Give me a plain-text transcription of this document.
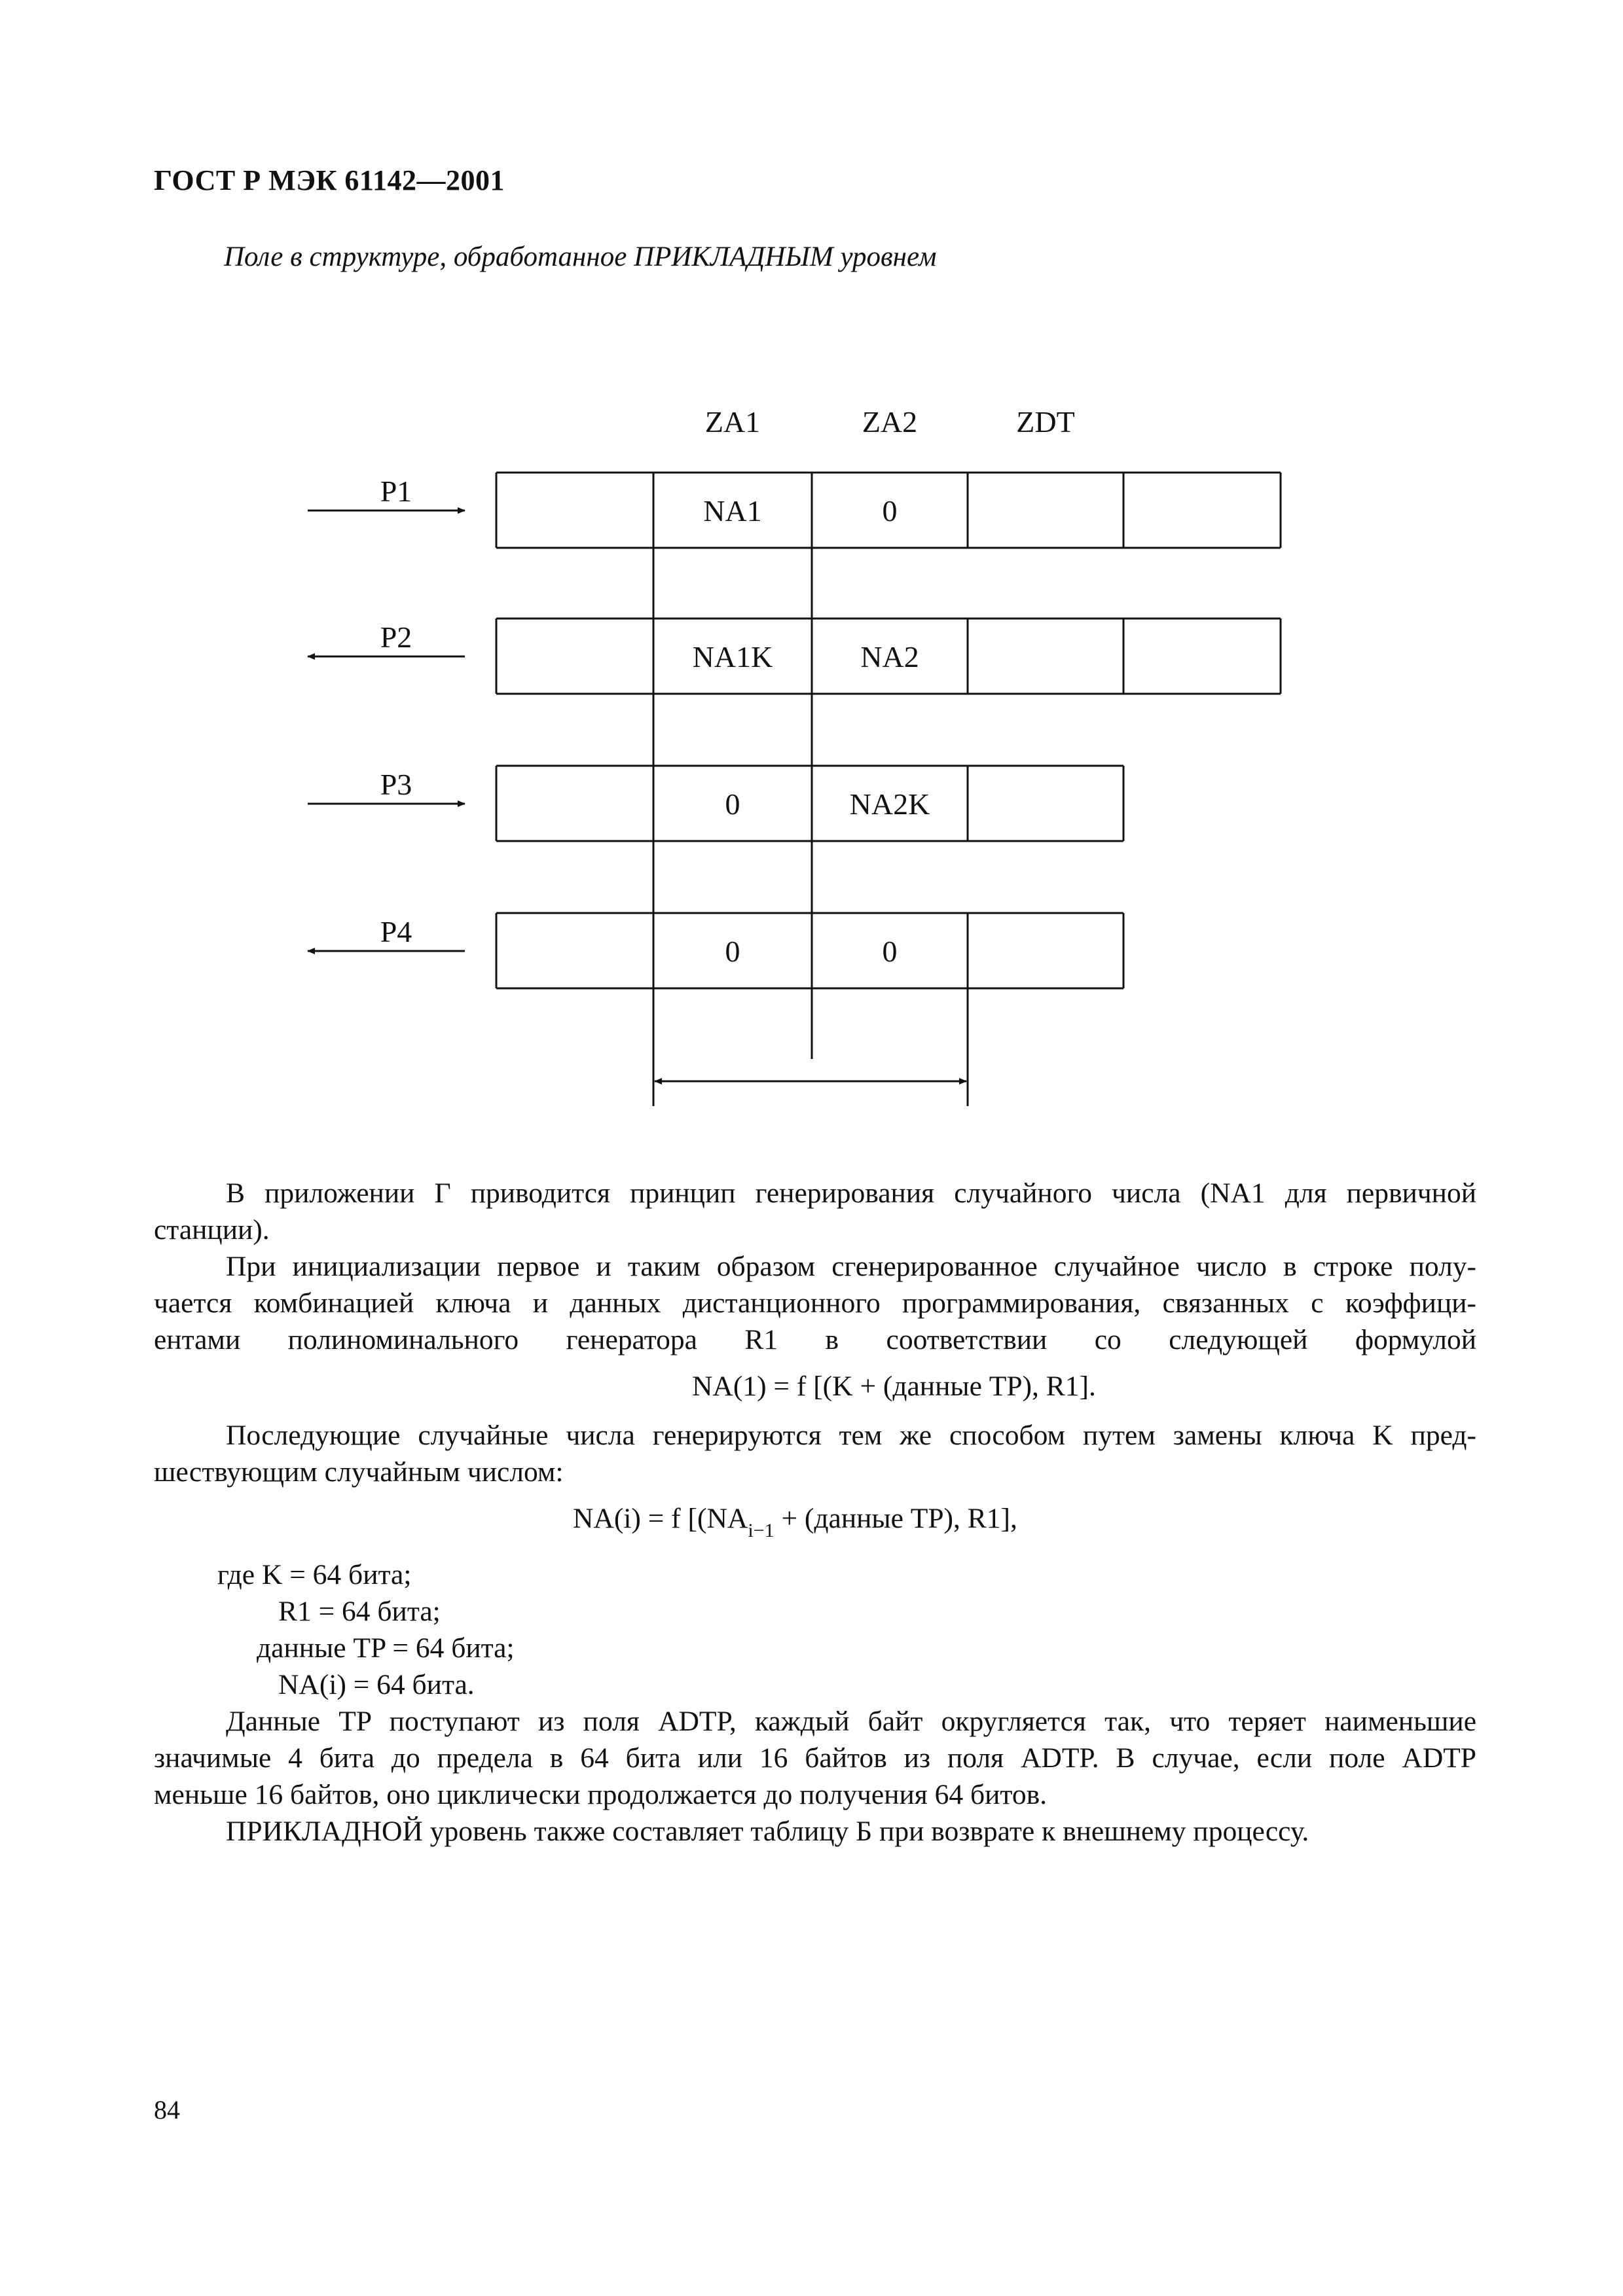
ГОСТ Р МЭК 61142—2001
Поле в структуре, обработанное ПРИКЛАДНЫМ уровнем
ZA1	ZA2	ZDT
NA1	0
P1
NA1K	NA2
P2
0	NA2K
P3
0	0
P4
В приложении Г приводится принцип генерирования случайного числа (NA1 для первичной
станции).
При инициализации первое и таким образом сгенерированное случайное число в строке полу-
чается комбинацией ключа и данных дистанционного программирования, связанных с коэффици-
ентами полиноминального генератора R1 в соответствии со следующей формулой
NA(1) = f [(K + (данные TP), R1].
Последующие случайные числа генерируются тем же способом путем замены ключа K пред-
шествующим случайным числом:
NA(i) = f [($NA_{i-1}$ + (данные TP), R1],
где K = 64 бита;
R1 = 64 бита;
данные TP = 64 бита;
NA(i) = 64 бита.
Данные TP поступают из поля ADTP, каждый байт округляется так, что теряет наименьшие
значимые 4 бита до предела в 64 бита или 16 байтов из поля ADTP. В случае, если поле ADTP
меньше 16 байтов, оно циклически продолжается до получения 64 битов.
ПРИКЛАДНОЙ уровень также составляет таблицу Б при возврате к внешнему процессу.
84
